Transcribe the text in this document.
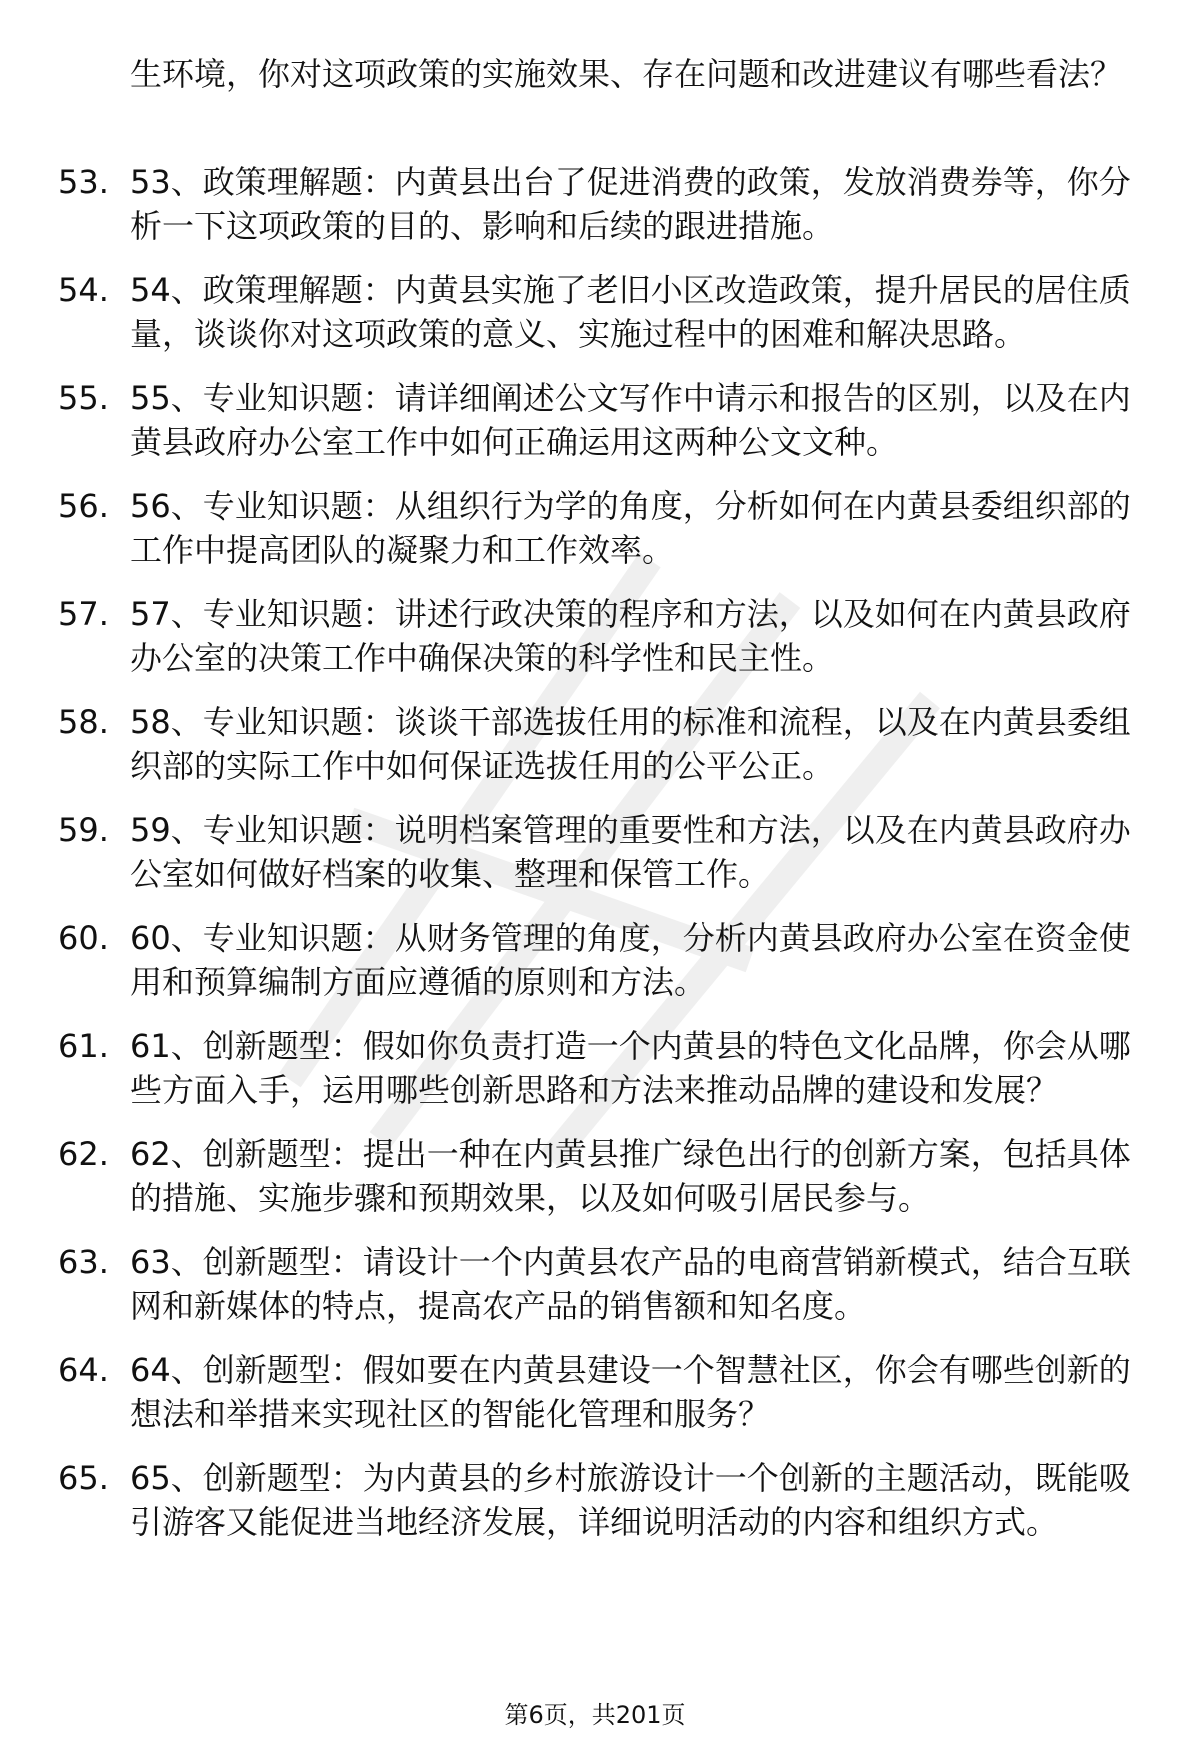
生环境，你对这项政策的实施效果、存在问题和改进建议有哪些看法？
53. 53、政策理解题：内黄县出台了促进消费的政策，发放消费券等，你分析一下这项政策的目的、影响和后续的跟进措施。
54. 54、政策理解题：内黄县实施了老旧小区改造政策，提升居民的居住质量，谈谈你对这项政策的意义、实施过程中的困难和解决思路。
55. 55、专业知识题：请详细阐述公文写作中请示和报告的区别，以及在内黄县政府办公室工作中如何正确运用这两种公文文种。
56. 56、专业知识题：从组织行为学的角度，分析如何在内黄县委组织部的工作中提高团队的凝聚力和工作效率。
57. 57、专业知识题：讲述行政决策的程序和方法，以及如何在内黄县政府办公室的决策工作中确保决策的科学性和民主性。
58. 58、专业知识题：谈谈干部选拔任用的标准和流程，以及在内黄县委组织部的实际工作中如何保证选拔任用的公平公正。
59. 59、专业知识题：说明档案管理的重要性和方法，以及在内黄县政府办公室如何做好档案的收集、整理和保管工作。
60. 60、专业知识题：从财务管理的角度，分析内黄县政府办公室在资金使用和预算编制方面应遵循的原则和方法。
61. 61、创新题型：假如你负责打造一个内黄县的特色文化品牌，你会从哪些方面入手，运用哪些创新思路和方法来推动品牌的建设和发展？
62. 62、创新题型：提出一种在内黄县推广绿色出行的创新方案，包括具体的措施、实施步骤和预期效果，以及如何吸引居民参与。
63. 63、创新题型：请设计一个内黄县农产品的电商营销新模式，结合互联网和新媒体的特点，提高农产品的销售额和知名度。
64. 64、创新题型：假如要在内黄县建设一个智慧社区，你会有哪些创新的想法和举措来实现社区的智能化管理和服务？
65. 65、创新题型：为内黄县的乡村旅游设计一个创新的主题活动，既能吸引游客又能促进当地经济发展，详细说明活动的内容和组织方式。
第6页，共201页
